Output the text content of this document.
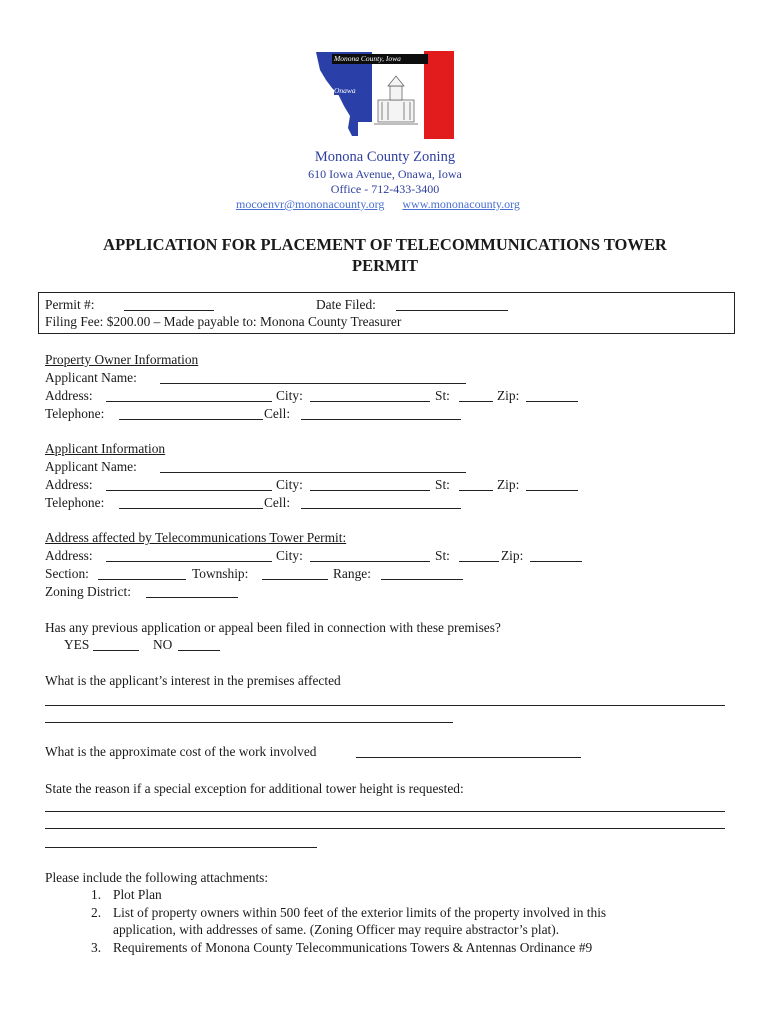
Monona County, Iowa
Onawa
Monona County Zoning
610 Iowa Avenue, Onawa, Iowa
Office - 712-433-3400
mocoenvr@mononacounty.org www.mononacounty.org
APPLICATION FOR PLACEMENT OF TELECOMMUNICATIONS TOWER
PERMIT
Permit #:	Date Filed:
Filing Fee: $200.00 – Made payable to: Monona County Treasurer
Property Owner Information
Applicant Name:
Address:	City:	St:	Zip:
Telephone:	Cell:
Applicant Information
Applicant Name:
Address:	City:	St:	Zip:
Telephone:	Cell:
Address affected by Telecommunications Tower Permit:
Address:	City:	St:	Zip:
Section:	Township:	Range:
Zoning District:
Has any previous application or appeal been filed in connection with these premises?
YES	NO
What is the applicant’s interest in the premises affected
What is the approximate cost of the work involved
State the reason if a special exception for additional tower height is requested:
Please include the following attachments:
1. Plot Plan
2. List of property owners within 500 feet of the exterior limits of the property involved in this
application, with addresses of same. (Zoning Officer may require abstractor’s plat).
3. Requirements of Monona County Telecommunications Towers & Antennas Ordinance #9
